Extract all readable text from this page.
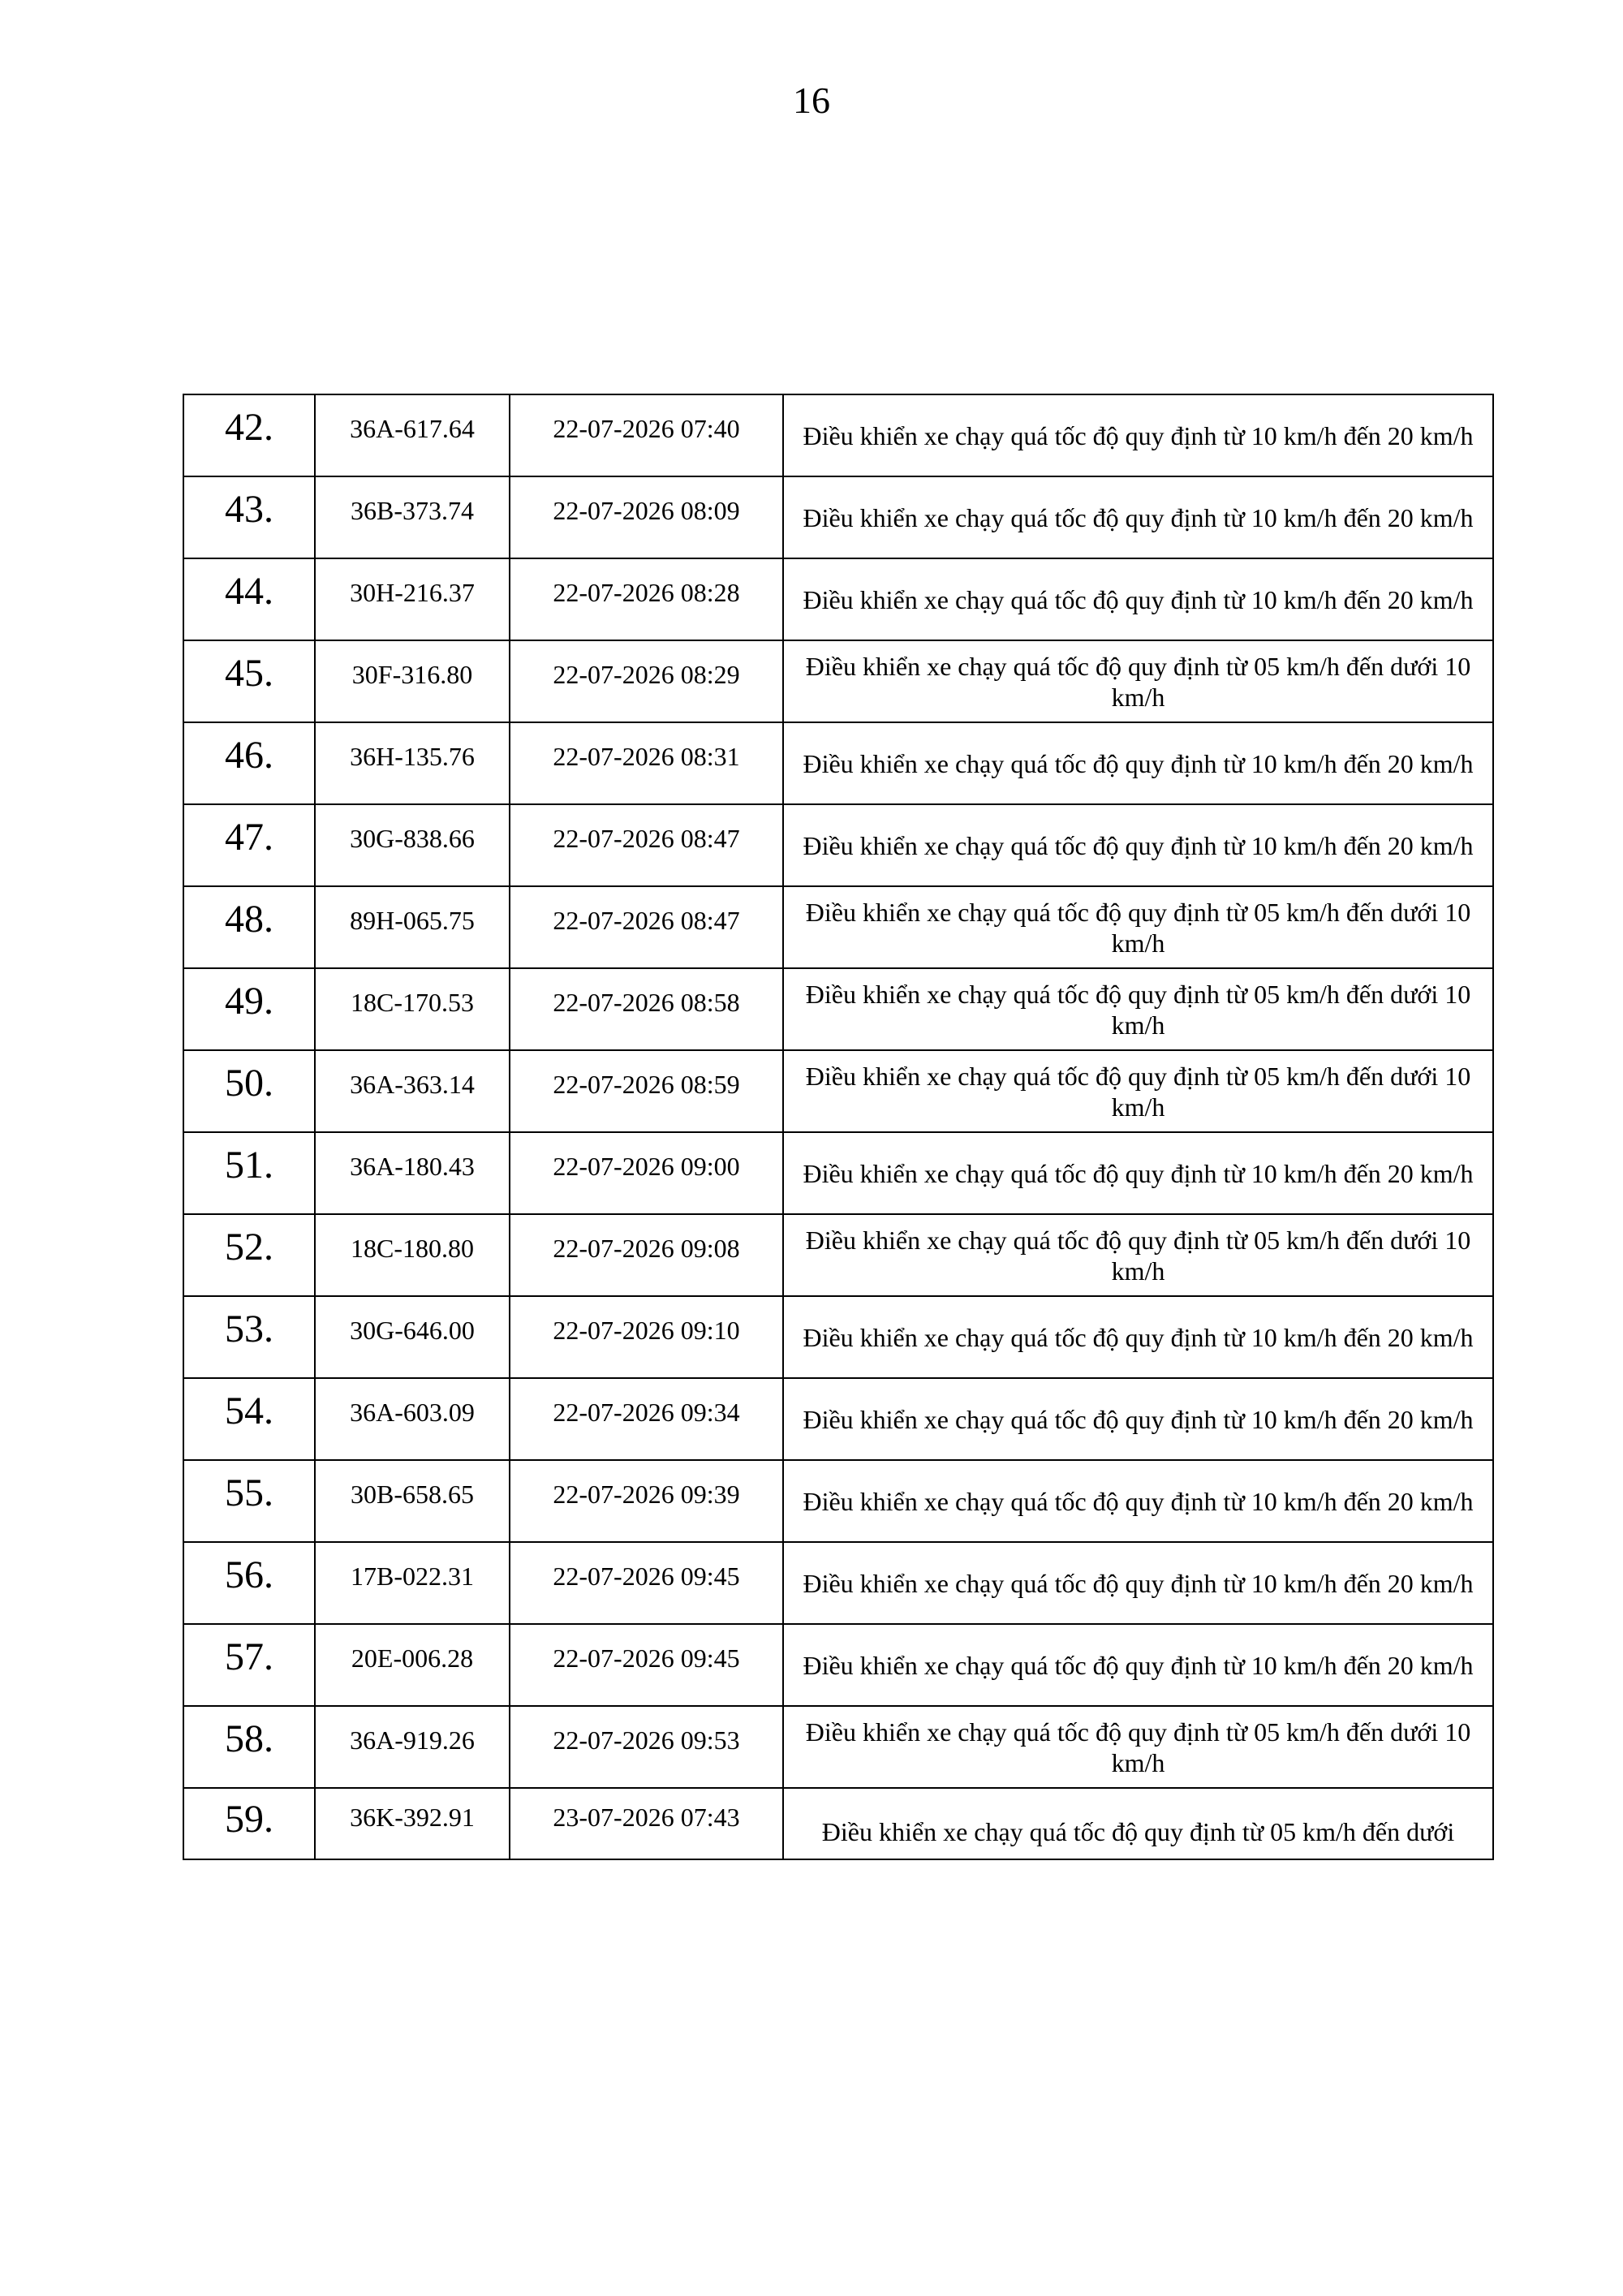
16
42.	36A-617.64	22-07-2026 07:40	Điều khiển xe chạy quá tốc độ quy định từ 10 km/h đến 20 km/h
43.	36B-373.74	22-07-2026 08:09	Điều khiển xe chạy quá tốc độ quy định từ 10 km/h đến 20 km/h
44.	30H-216.37	22-07-2026 08:28	Điều khiển xe chạy quá tốc độ quy định từ 10 km/h đến 20 km/h
45.	30F-316.80	22-07-2026 08:29	Điều khiển xe chạy quá tốc độ quy định từ 05 km/h đến dưới 10 km/h
46.	36H-135.76	22-07-2026 08:31	Điều khiển xe chạy quá tốc độ quy định từ 10 km/h đến 20 km/h
47.	30G-838.66	22-07-2026 08:47	Điều khiển xe chạy quá tốc độ quy định từ 10 km/h đến 20 km/h
48.	89H-065.75	22-07-2026 08:47	Điều khiển xe chạy quá tốc độ quy định từ 05 km/h đến dưới 10 km/h
49.	18C-170.53	22-07-2026 08:58	Điều khiển xe chạy quá tốc độ quy định từ 05 km/h đến dưới 10 km/h
50.	36A-363.14	22-07-2026 08:59	Điều khiển xe chạy quá tốc độ quy định từ 05 km/h đến dưới 10 km/h
51.	36A-180.43	22-07-2026 09:00	Điều khiển xe chạy quá tốc độ quy định từ 10 km/h đến 20 km/h
52.	18C-180.80	22-07-2026 09:08	Điều khiển xe chạy quá tốc độ quy định từ 05 km/h đến dưới 10 km/h
53.	30G-646.00	22-07-2026 09:10	Điều khiển xe chạy quá tốc độ quy định từ 10 km/h đến 20 km/h
54.	36A-603.09	22-07-2026 09:34	Điều khiển xe chạy quá tốc độ quy định từ 10 km/h đến 20 km/h
55.	30B-658.65	22-07-2026 09:39	Điều khiển xe chạy quá tốc độ quy định từ 10 km/h đến 20 km/h
56.	17B-022.31	22-07-2026 09:45	Điều khiển xe chạy quá tốc độ quy định từ 10 km/h đến 20 km/h
57.	20E-006.28	22-07-2026 09:45	Điều khiển xe chạy quá tốc độ quy định từ 10 km/h đến 20 km/h
58.	36A-919.26	22-07-2026 09:53	Điều khiển xe chạy quá tốc độ quy định từ 05 km/h đến dưới 10 km/h
59.	36K-392.91	23-07-2026 07:43	Điều khiển xe chạy quá tốc độ quy định từ 05 km/h đến dưới
